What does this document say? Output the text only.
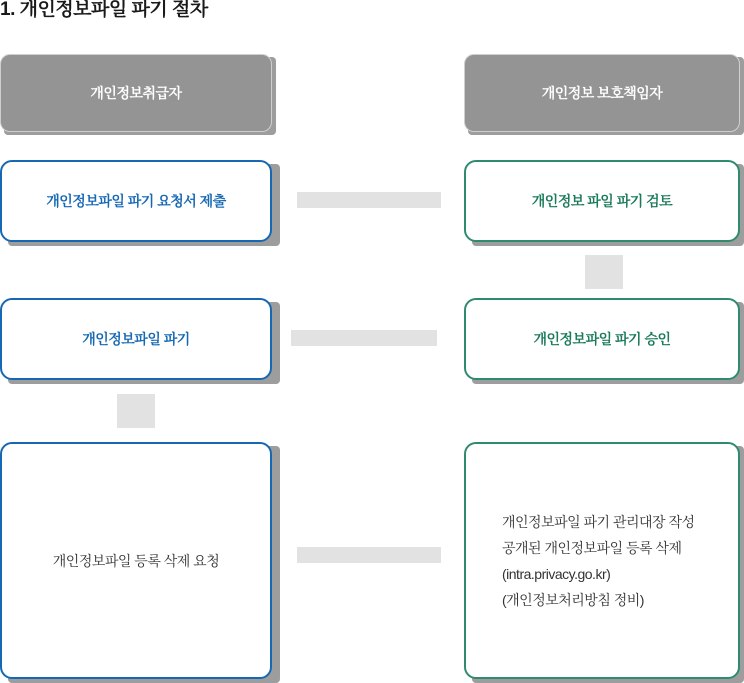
1. 개인정보파일 파기 절차
개인정보취급자	개인정보 보호책임자
개인정보파일 파기 요청서 제출	개인정보 파일 파기 검토
개인정보파일 파기	개인정보파일 파기 승인
개인정보파일 등록 삭제 요청
개인정보파일 파기 관리대장 작성
공개된 개인정보파일 등록 삭제
(intra.privacy.go.kr)
(개인정보처리방침 정비)
